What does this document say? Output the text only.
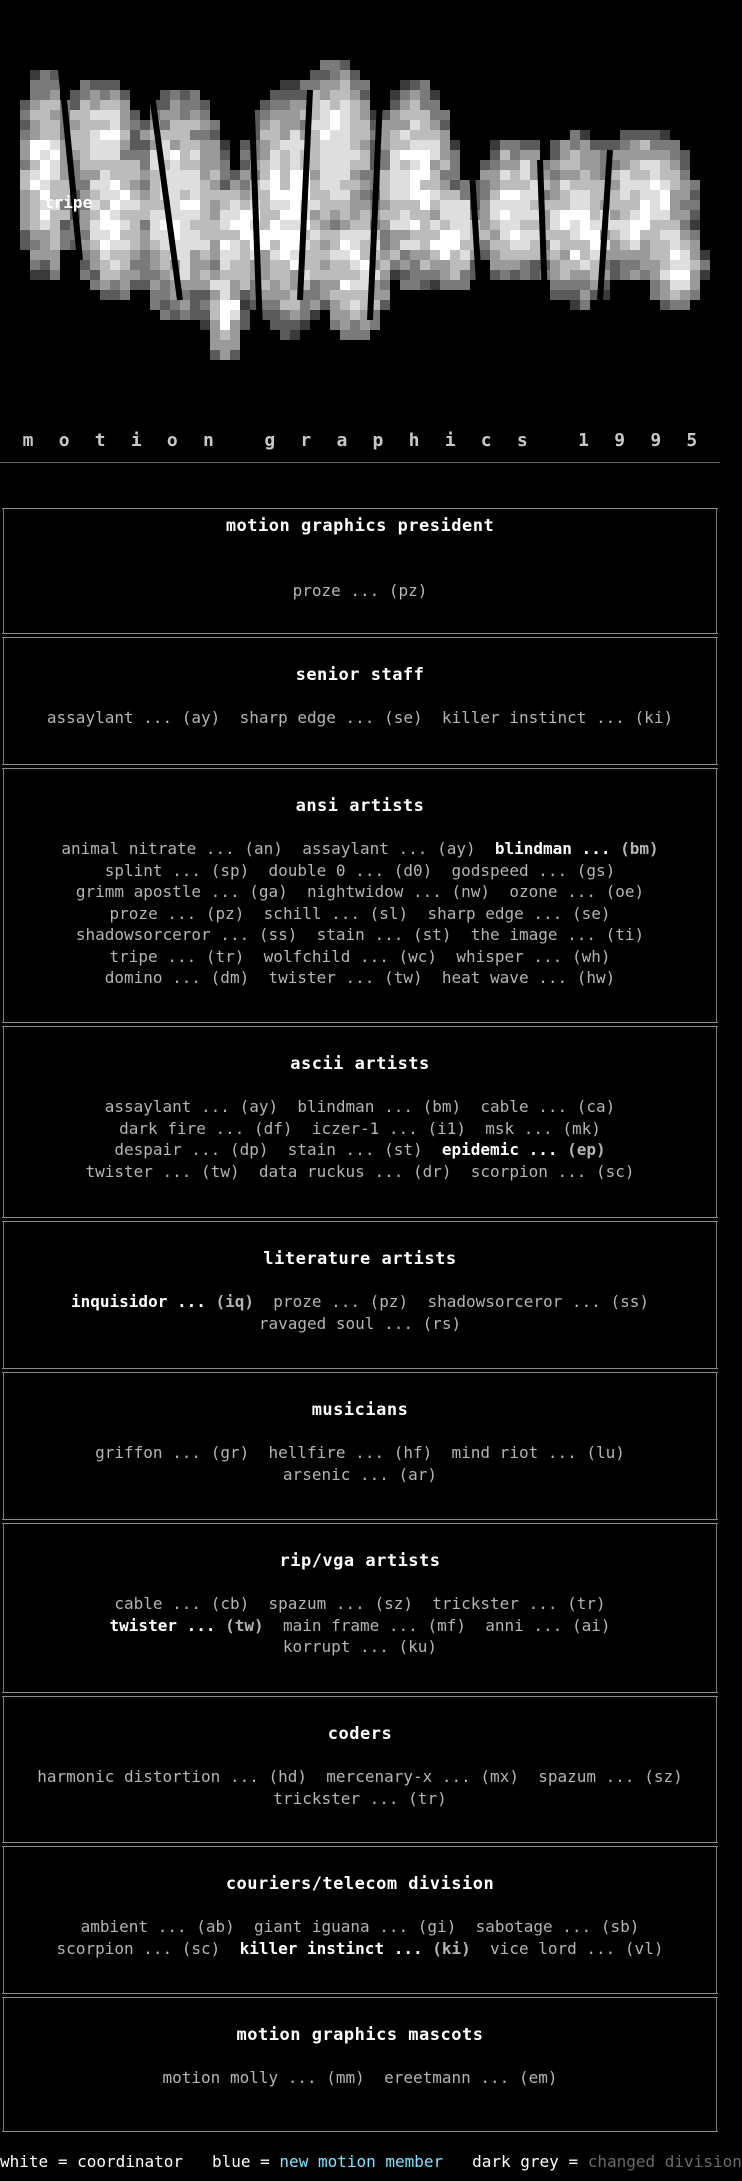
tripe
m o t i o n	g r a p h i c s	1 9 9 5
proze ... (pz)
assaylant ... (ay) sharp edge ... (se) killer instinct ... (ki)
animal nitrate ... (an) assaylant ... (ay) blindman ... (bm)
splint ... (sp) double 0 ... (d0) godspeed ... (gs)
grimm apostle ... (ga) nightwidow ... (nw) ozone ... (oe)
proze ... (pz) schill ... (sl) sharp edge ... (se)
shadowsorceror ... (ss) stain ... (st) the image ... (ti)
tripe ... (tr) wolfchild ... (wc) whisper ... (wh)
domino ... (dm) twister ... (tw) heat wave ... (hw)
assaylant ... (ay) blindman ... (bm) cable ... (ca)
dark fire ... (df) iczer-1 ... (i1) msk ... (mk)
despair ... (dp) stain ... (st) epidemic ... (ep)
twister ... (tw) data ruckus ... (dr) scorpion ... (sc)
inquisidor ... (iq) proze ... (pz) shadowsorceror ... (ss)
ravaged soul ... (rs)
griffon ... (gr) hellfire ... (hf) mind riot ... (lu)
arsenic ... (ar)
cable ... (cb) spazum ... (sz) trickster ... (tr)
twister ... (tw) main frame ... (mf) anni ... (ai)
korrupt ... (ku)
harmonic distortion ... (hd) mercenary-x ... (mx) spazum ... (sz)
trickster ... (tr)
ambient ... (ab) giant iguana ... (gi) sabotage ... (sb)
scorpion ... (sc) killer instinct ... (ki) vice lord ... (vl)
motion molly ... (mm) ereetmann ... (em)
white = coordinator blue = new motion member dark grey = changed division
motion graphics president
senior staff
ansi artists
ascii artists
literature artists
musicians
rip/vga artists
coders
couriers/telecom division
motion graphics mascots
